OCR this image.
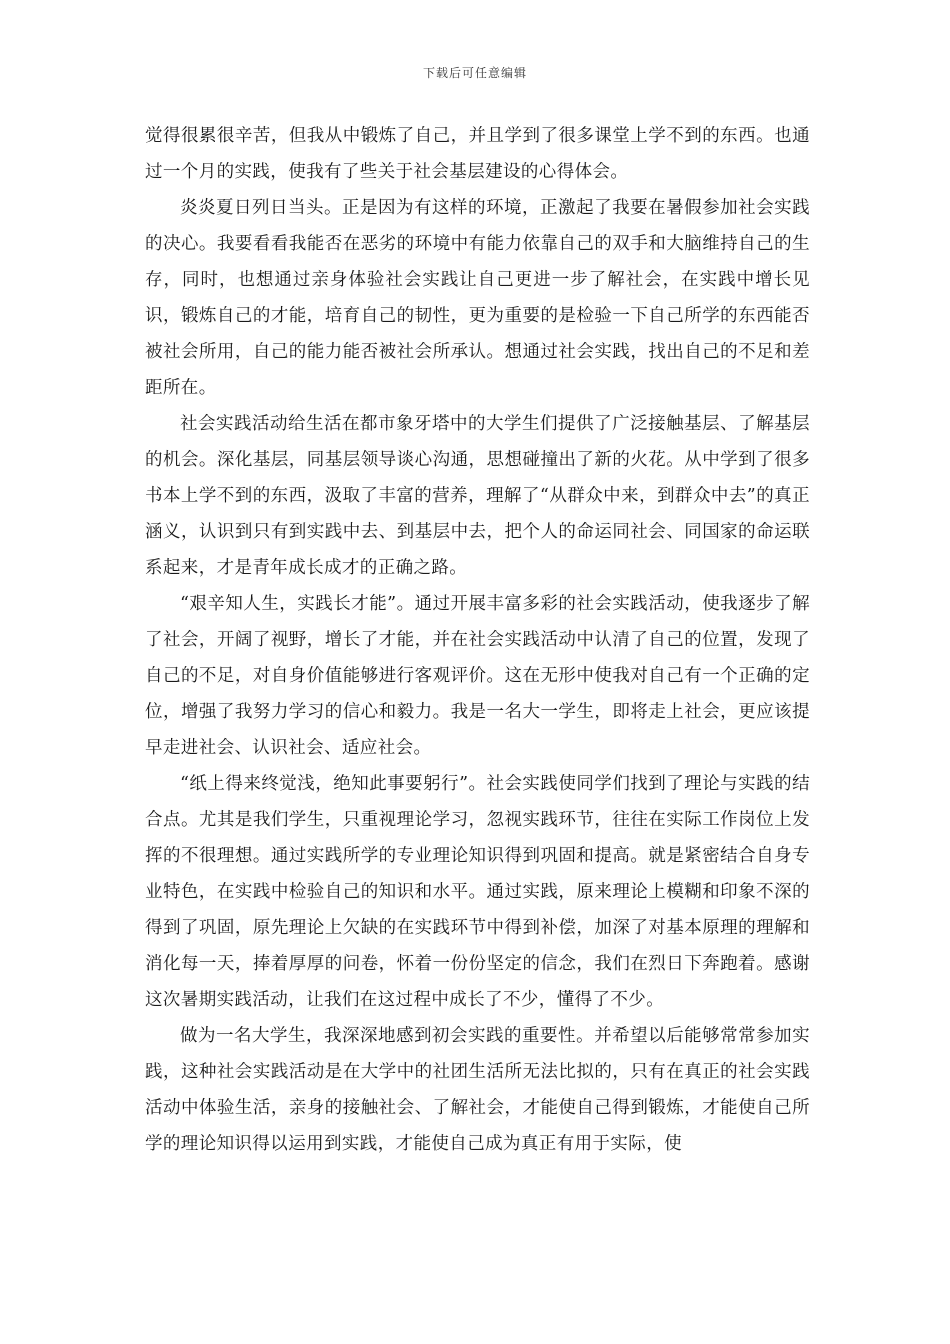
下载后可任意编辑

觉得很累很辛苦，但我从中锻炼了自己，并且学到了很多课堂上学不到的东西。也通过一个月的实践，使我有了些关于社会基层建设的心得体会。

炎炎夏日列日当头。正是因为有这样的环境，正激起了我要在暑假参加社会实践的决心。我要看看我能否在恶劣的环境中有能力依靠自己的双手和大脑维持自己的生存，同时，也想通过亲身体验社会实践让自己更进一步了解社会，在实践中增长见识，锻炼自己的才能，培育自己的韧性，更为重要的是检验一下自己所学的东西能否被社会所用，自己的能力能否被社会所承认。想通过社会实践，找出自己的不足和差距所在。

社会实践活动给生活在都市象牙塔中的大学生们提供了广泛接触基层、了解基层的机会。深化基层，同基层领导谈心沟通，思想碰撞出了新的火花。从中学到了很多书本上学不到的东西，汲取了丰富的营养，理解了“从群众中来，到群众中去”的真正涵义，认识到只有到实践中去、到基层中去，把个人的命运同社会、同国家的命运联系起来，才是青年成长成才的正确之路。

“艰辛知人生，实践长才能”。通过开展丰富多彩的社会实践活动，使我逐步了解了社会，开阔了视野，增长了才能，并在社会实践活动中认清了自己的位置，发现了自己的不足，对自身价值能够进行客观评价。这在无形中使我对自己有一个正确的定位，增强了我努力学习的信心和毅力。我是一名大一学生，即将走上社会，更应该提早走进社会、认识社会、适应社会。

“纸上得来终觉浅，绝知此事要躬行”。社会实践使同学们找到了理论与实践的结合点。尤其是我们学生，只重视理论学习，忽视实践环节，往往在实际工作岗位上发挥的不很理想。通过实践所学的专业理论知识得到巩固和提高。就是紧密结合自身专业特色，在实践中检验自己的知识和水平。通过实践，原来理论上模糊和印象不深的得到了巩固，原先理论上欠缺的在实践环节中得到补偿，加深了对基本原理的理解和消化每一天，捧着厚厚的问卷，怀着一份份坚定的信念，我们在烈日下奔跑着。感谢这次暑期实践活动，让我们在这过程中成长了不少，懂得了不少。

做为一名大学生，我深深地感到初会实践的重要性。并希望以后能够常常参加实践，这种社会实践活动是在大学中的社团生活所无法比拟的，只有在真正的社会实践活动中体验生活，亲身的接触社会、了解社会，才能使自己得到锻炼，才能使自己所学的理论知识得以运用到实践，才能使自己成为真正有用于实际，使
